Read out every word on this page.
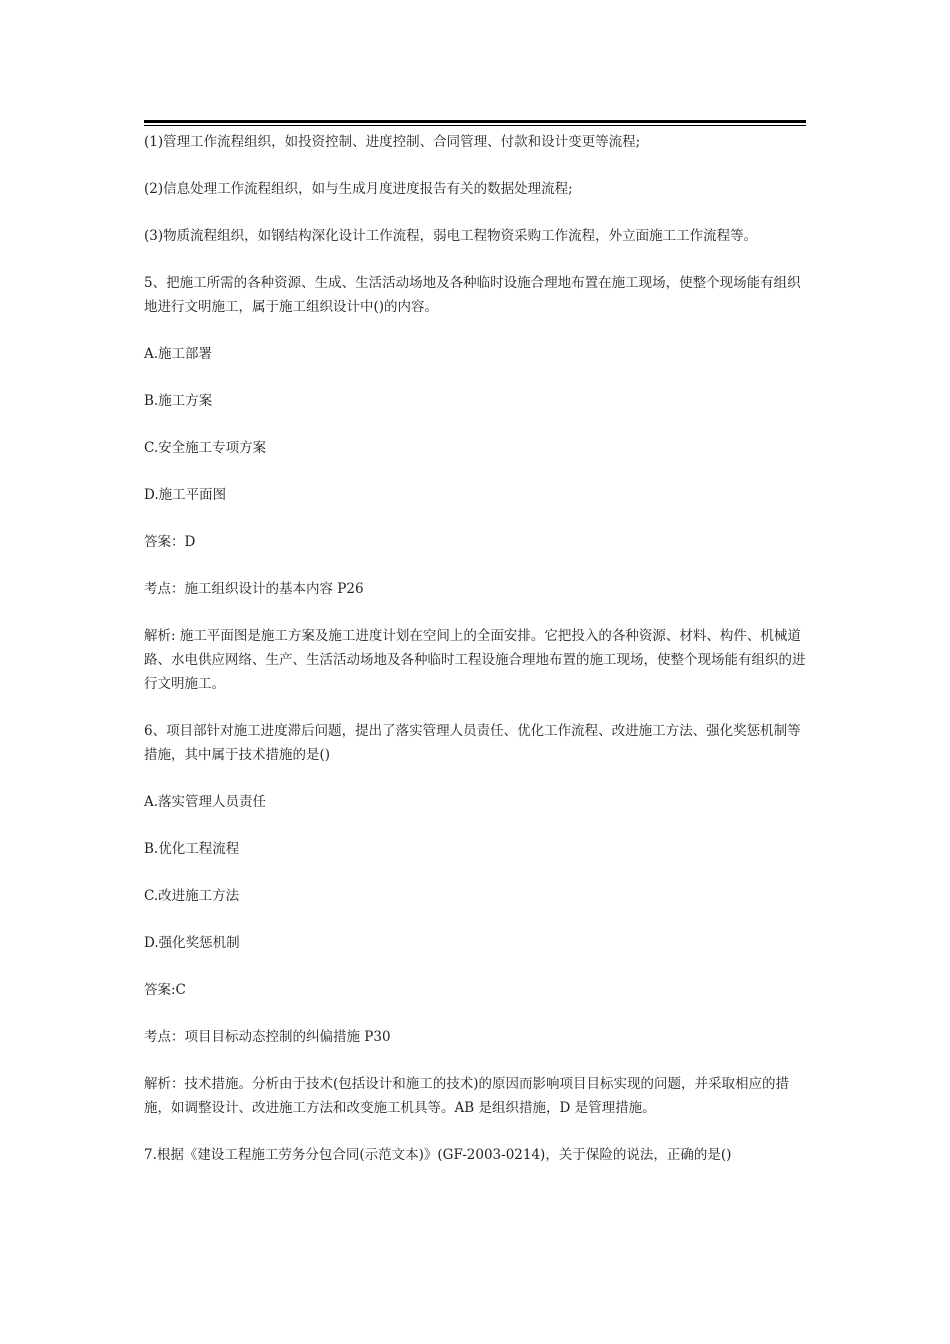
(1)管理工作流程组织，如投资控制、进度控制、合同管理、付款和设计变更等流程;

(2)信息处理工作流程组织，如与生成月度进度报告有关的数据处理流程;

(3)物质流程组织，如钢结构深化设计工作流程，弱电工程物资采购工作流程，外立面施工工作流程等。

5、把施工所需的各种资源、生成、生活活动场地及各种临时设施合理地布置在施工现场，使整个现场能有组织地进行文明施工，属于施工组织设计中()的内容。

A.施工部署

B.施工方案

C.安全施工专项方案

D.施工平面图

答案：D

考点：施工组织设计的基本内容 P26

解析: 施工平面图是施工方案及施工进度计划在空间上的全面安排。它把投入的各种资源、材料、构件、机械道路、水电供应网络、生产、生活活动场地及各种临时工程设施合理地布置的施工现场，使整个现场能有组织的进行文明施工。

6、项目部针对施工进度滞后问题，提出了落实管理人员责任、优化工作流程、改进施工方法、强化奖惩机制等措施，其中属于技术措施的是()

A.落实管理人员责任

B.优化工程流程

C.改进施工方法

D.强化奖惩机制

答案:C

考点：项目目标动态控制的纠偏措施 P30

解析：技术措施。分析由于技术(包括设计和施工的技术)的原因而影响项目目标实现的问题，并采取相应的措施，如调整设计、改进施工方法和改变施工机具等。AB 是组织措施，D 是管理措施。

7.根据《建设工程施工劳务分包合同(示范文本)》(GF-2003-0214)，关于保险的说法，正确的是()
